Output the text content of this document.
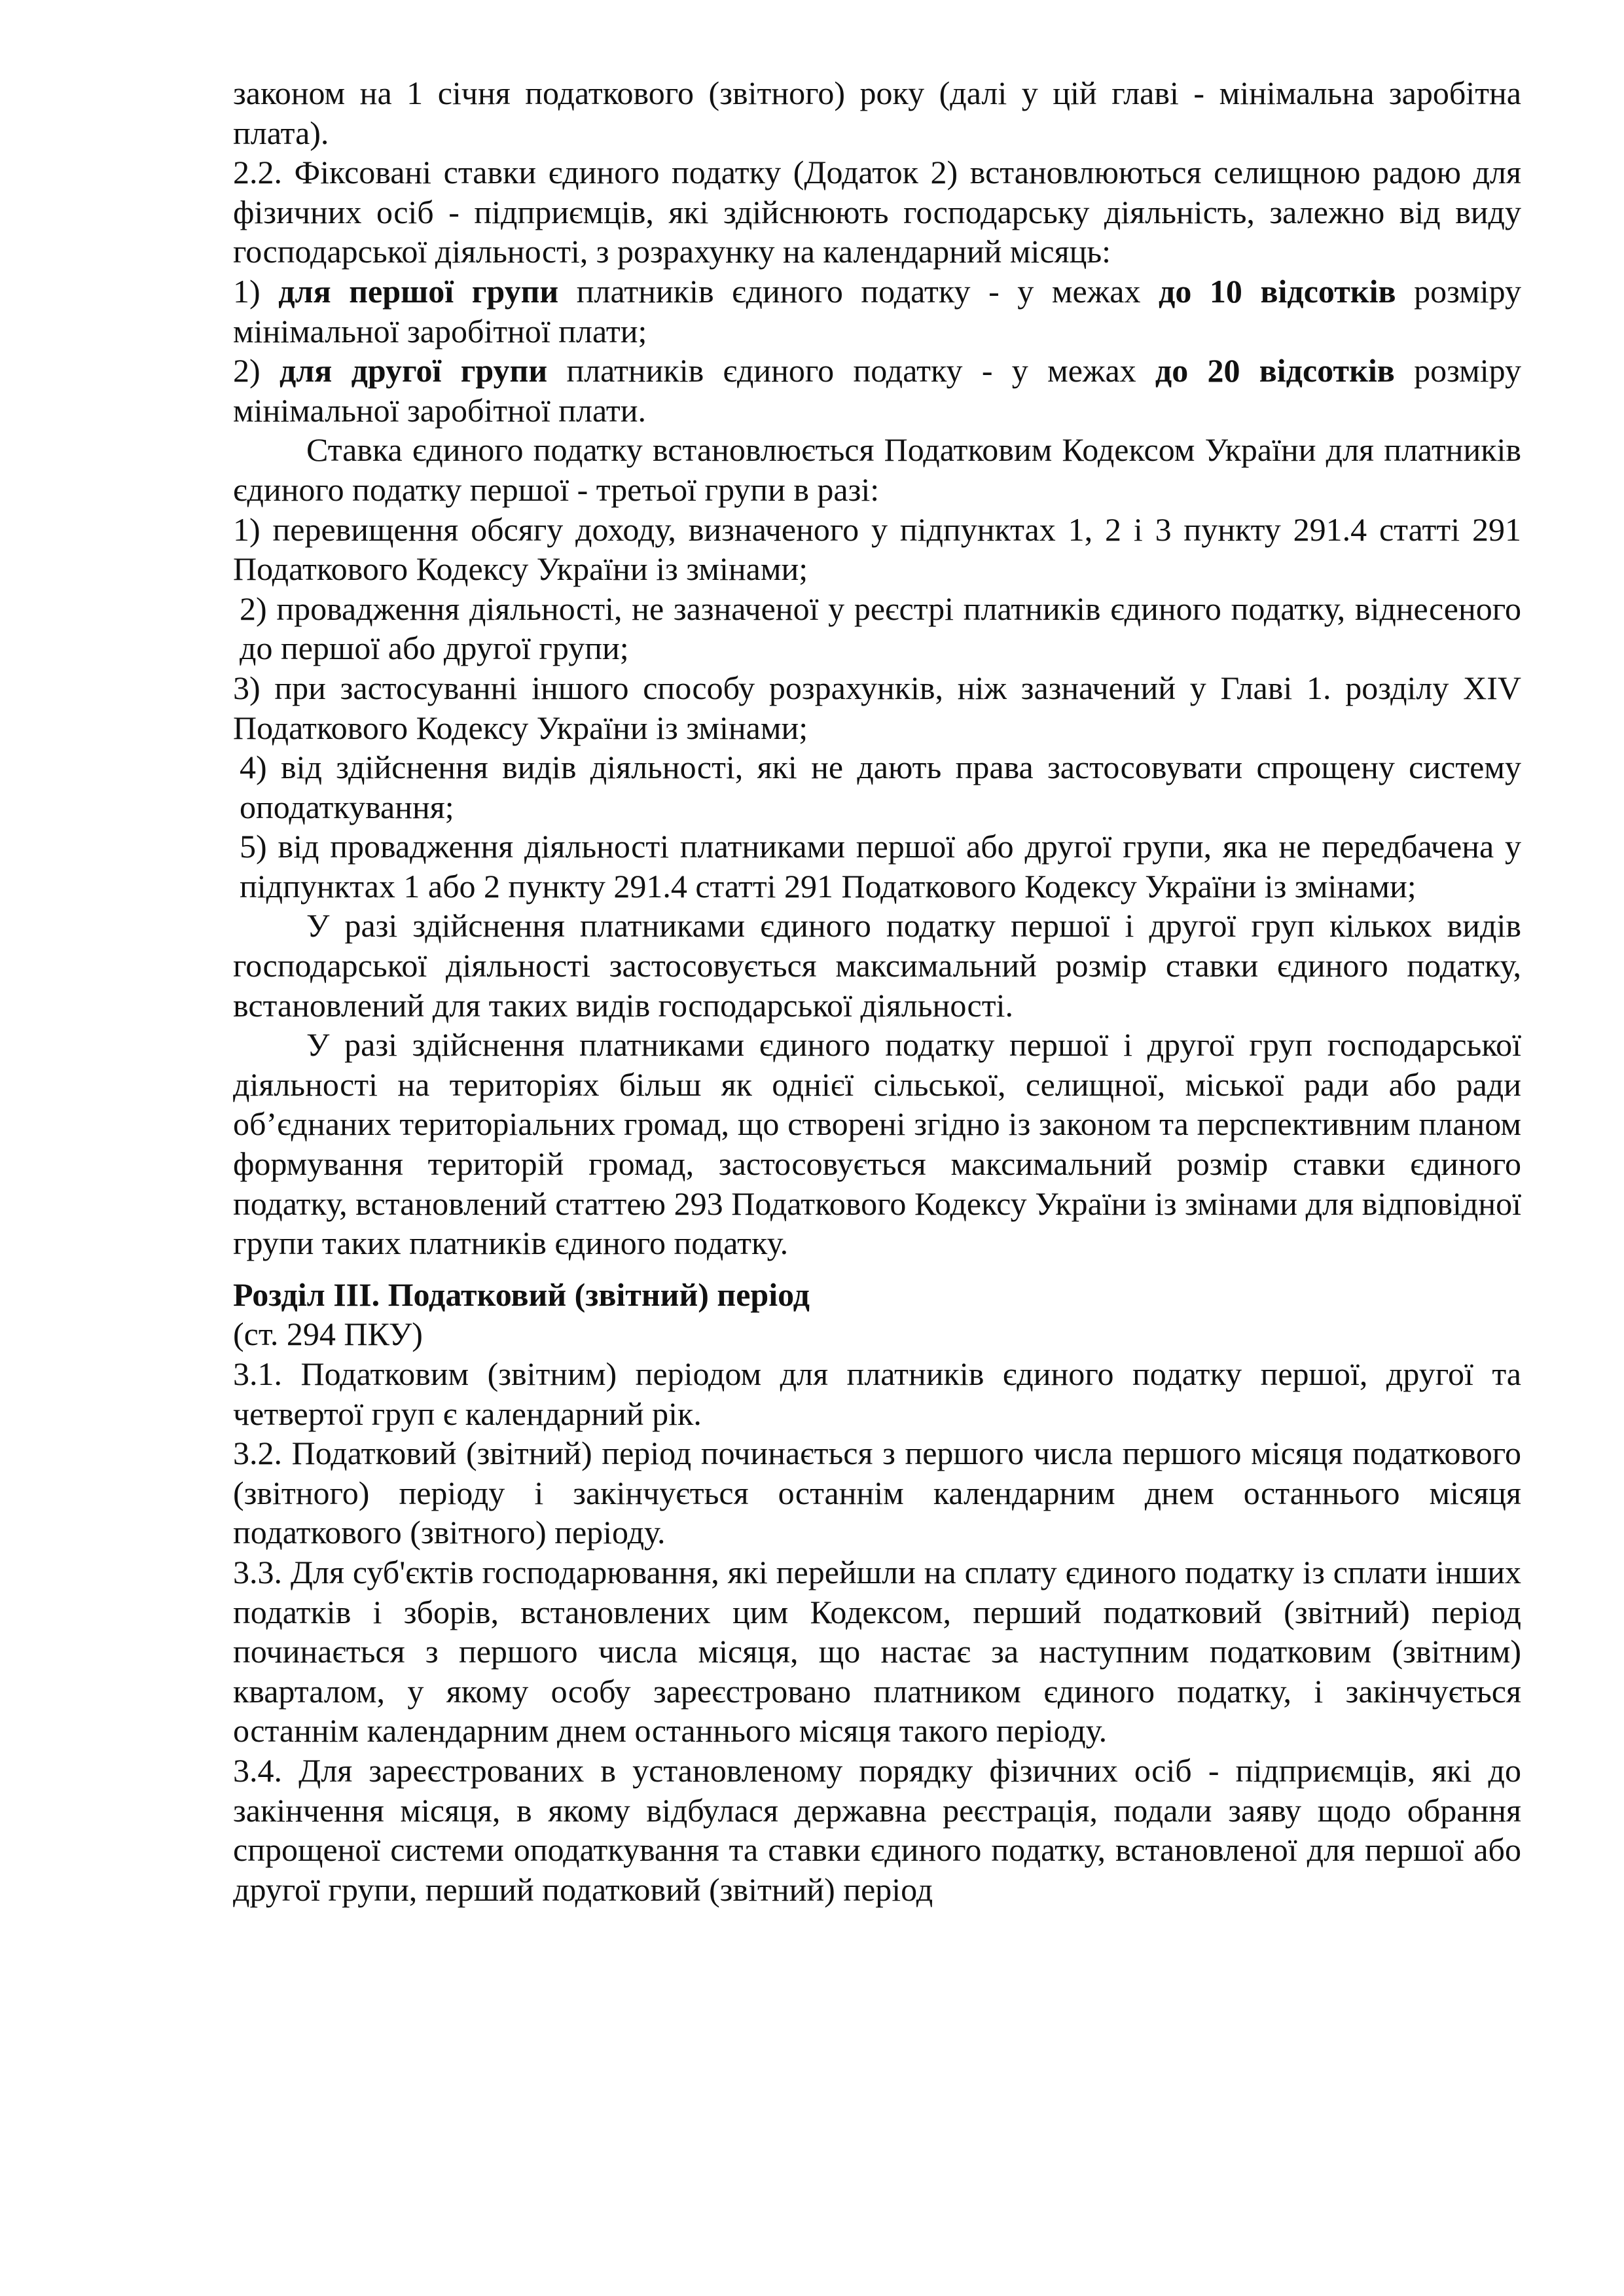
законом на 1 січня податкового (звітного) року (далі у цій главі - мінімальна заробітна плата).

2.2. Фіксовані ставки єдиного податку (Додаток 2) встановлюються селищною радою для фізичних осіб - підприємців, які здійснюють господарську діяльність, залежно від виду господарської діяльності, з розрахунку на календарний місяць:

1) для першої групи платників єдиного податку - у межах до 10 відсотків розміру мінімальної заробітної плати;

2) для другої групи платників єдиного податку - у межах до 20 відсотків розміру мінімальної заробітної плати.

Ставка єдиного податку встановлюється Податковим Кодексом України для платників єдиного податку першої - третьої групи в разі:

1) перевищення обсягу доходу, визначеного у підпунктах 1, 2 і 3 пункту 291.4 статті 291 Податкового Кодексу України із змінами;

2) провадження діяльності, не зазначеної у реєстрі платників єдиного податку, віднесеного до першої або другої групи;

3) при застосуванні іншого способу розрахунків, ніж зазначений у Главі 1. розділу XIV Податкового Кодексу України із змінами;

4) від здійснення видів діяльності, які не дають права застосовувати спрощену систему оподаткування;

5) від провадження діяльності платниками першої або другої групи, яка не передбачена у підпунктах 1 або 2 пункту 291.4 статті 291 Податкового Кодексу України із змінами;

У разі здійснення платниками єдиного податку першої і другої груп кількох видів господарської діяльності застосовується максимальний розмір ставки єдиного податку, встановлений для таких видів господарської діяльності.

У разі здійснення платниками єдиного податку першої і другої груп господарської діяльності на територіях більш як однієї сільської, селищної, міської ради або ради об’єднаних територіальних громад, що створені згідно із законом та перспективним планом формування територій громад, застосовується максимальний розмір ставки єдиного податку, встановлений статтею 293 Податкового Кодексу України із змінами для відповідної групи таких платників єдиного податку.

Розділ ІІІ. Податковий (звітний) період

(ст. 294 ПКУ)

3.1. Податковим (звітним) періодом для платників єдиного податку першої, другої та четвертої груп є календарний рік.

3.2. Податковий (звітний) період починається з першого числа першого місяця податкового (звітного) періоду і закінчується останнім календарним днем останнього місяця податкового (звітного) періоду.

3.3. Для суб'єктів господарювання, які перейшли на сплату єдиного податку із сплати інших податків і зборів, встановлених цим Кодексом, перший податковий (звітний) період починається з першого числа місяця, що настає за наступним податковим (звітним) кварталом, у якому особу зареєстровано платником єдиного податку, і закінчується останнім календарним днем останнього місяця такого періоду.

3.4. Для зареєстрованих в установленому порядку фізичних осіб - підприємців, які до закінчення місяця, в якому відбулася державна реєстрація, подали заяву щодо обрання спрощеної системи оподаткування та ставки єдиного податку, встановленої для першої або другої групи, перший податковий (звітний) період
